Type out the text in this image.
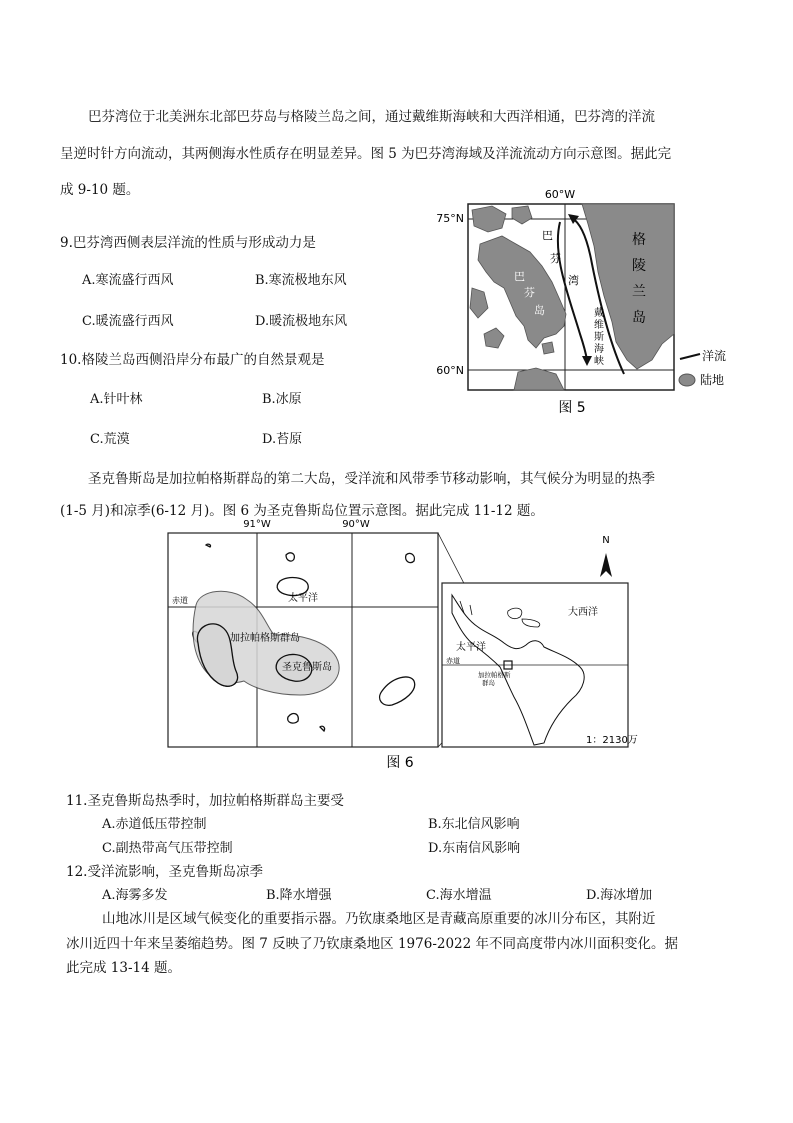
巴芬湾位于北美洲东北部巴芬岛与格陵兰岛之间，通过戴维斯海峡和大西洋相通，巴芬湾的洋流
呈逆时针方向流动，其两侧海水性质存在明显差异。图 5 为巴芬湾海域及洋流流动方向示意图。据此完
成 9-10 题。
9.巴芬湾西侧表层洋流的性质与形成动力是
A.寒流盛行西风	B.寒流极地东风
C.暖流盛行西风	D.暖流极地东风
10.格陵兰岛西侧沿岸分布最广的自然景观是
A.针叶林	B.冰原
C.荒漠	D.苔原
60°W
75°N
60°N
巴
芬
湾
巴
芬
岛
格
陵
兰
岛
戴
维
斯
海
峡	洋流
陆地
图 5
圣克鲁斯岛是加拉帕格斯群岛的第二大岛，受洋流和风带季节移动影响，其气候分为明显的热季
(1-5 月)和凉季(6-12 月)。图 6 为圣克鲁斯岛位置示意图。据此完成 11-12 题。
91°W	90°W
赤道	太平洋
加拉帕格斯群岛
圣克鲁斯岛
N
大西洋
太平洋
赤道
加拉帕格斯
群岛
1：2130万
图 6
11.圣克鲁斯岛热季时，加拉帕格斯群岛主要受
A.赤道低压带控制	B.东北信风影响
C.副热带高气压带控制	D.东南信风影响
12.受洋流影响，圣克鲁斯岛凉季
A.海雾多发	B.降水增强	C.海水增温	D.海冰增加
山地冰川是区域气候变化的重要指示器。乃钦康桑地区是青藏高原重要的冰川分布区，其附近
冰川近四十年来呈萎缩趋势。图 7 反映了乃钦康桑地区 1976-2022 年不同高度带内冰川面积变化。据
此完成 13-14 题。
